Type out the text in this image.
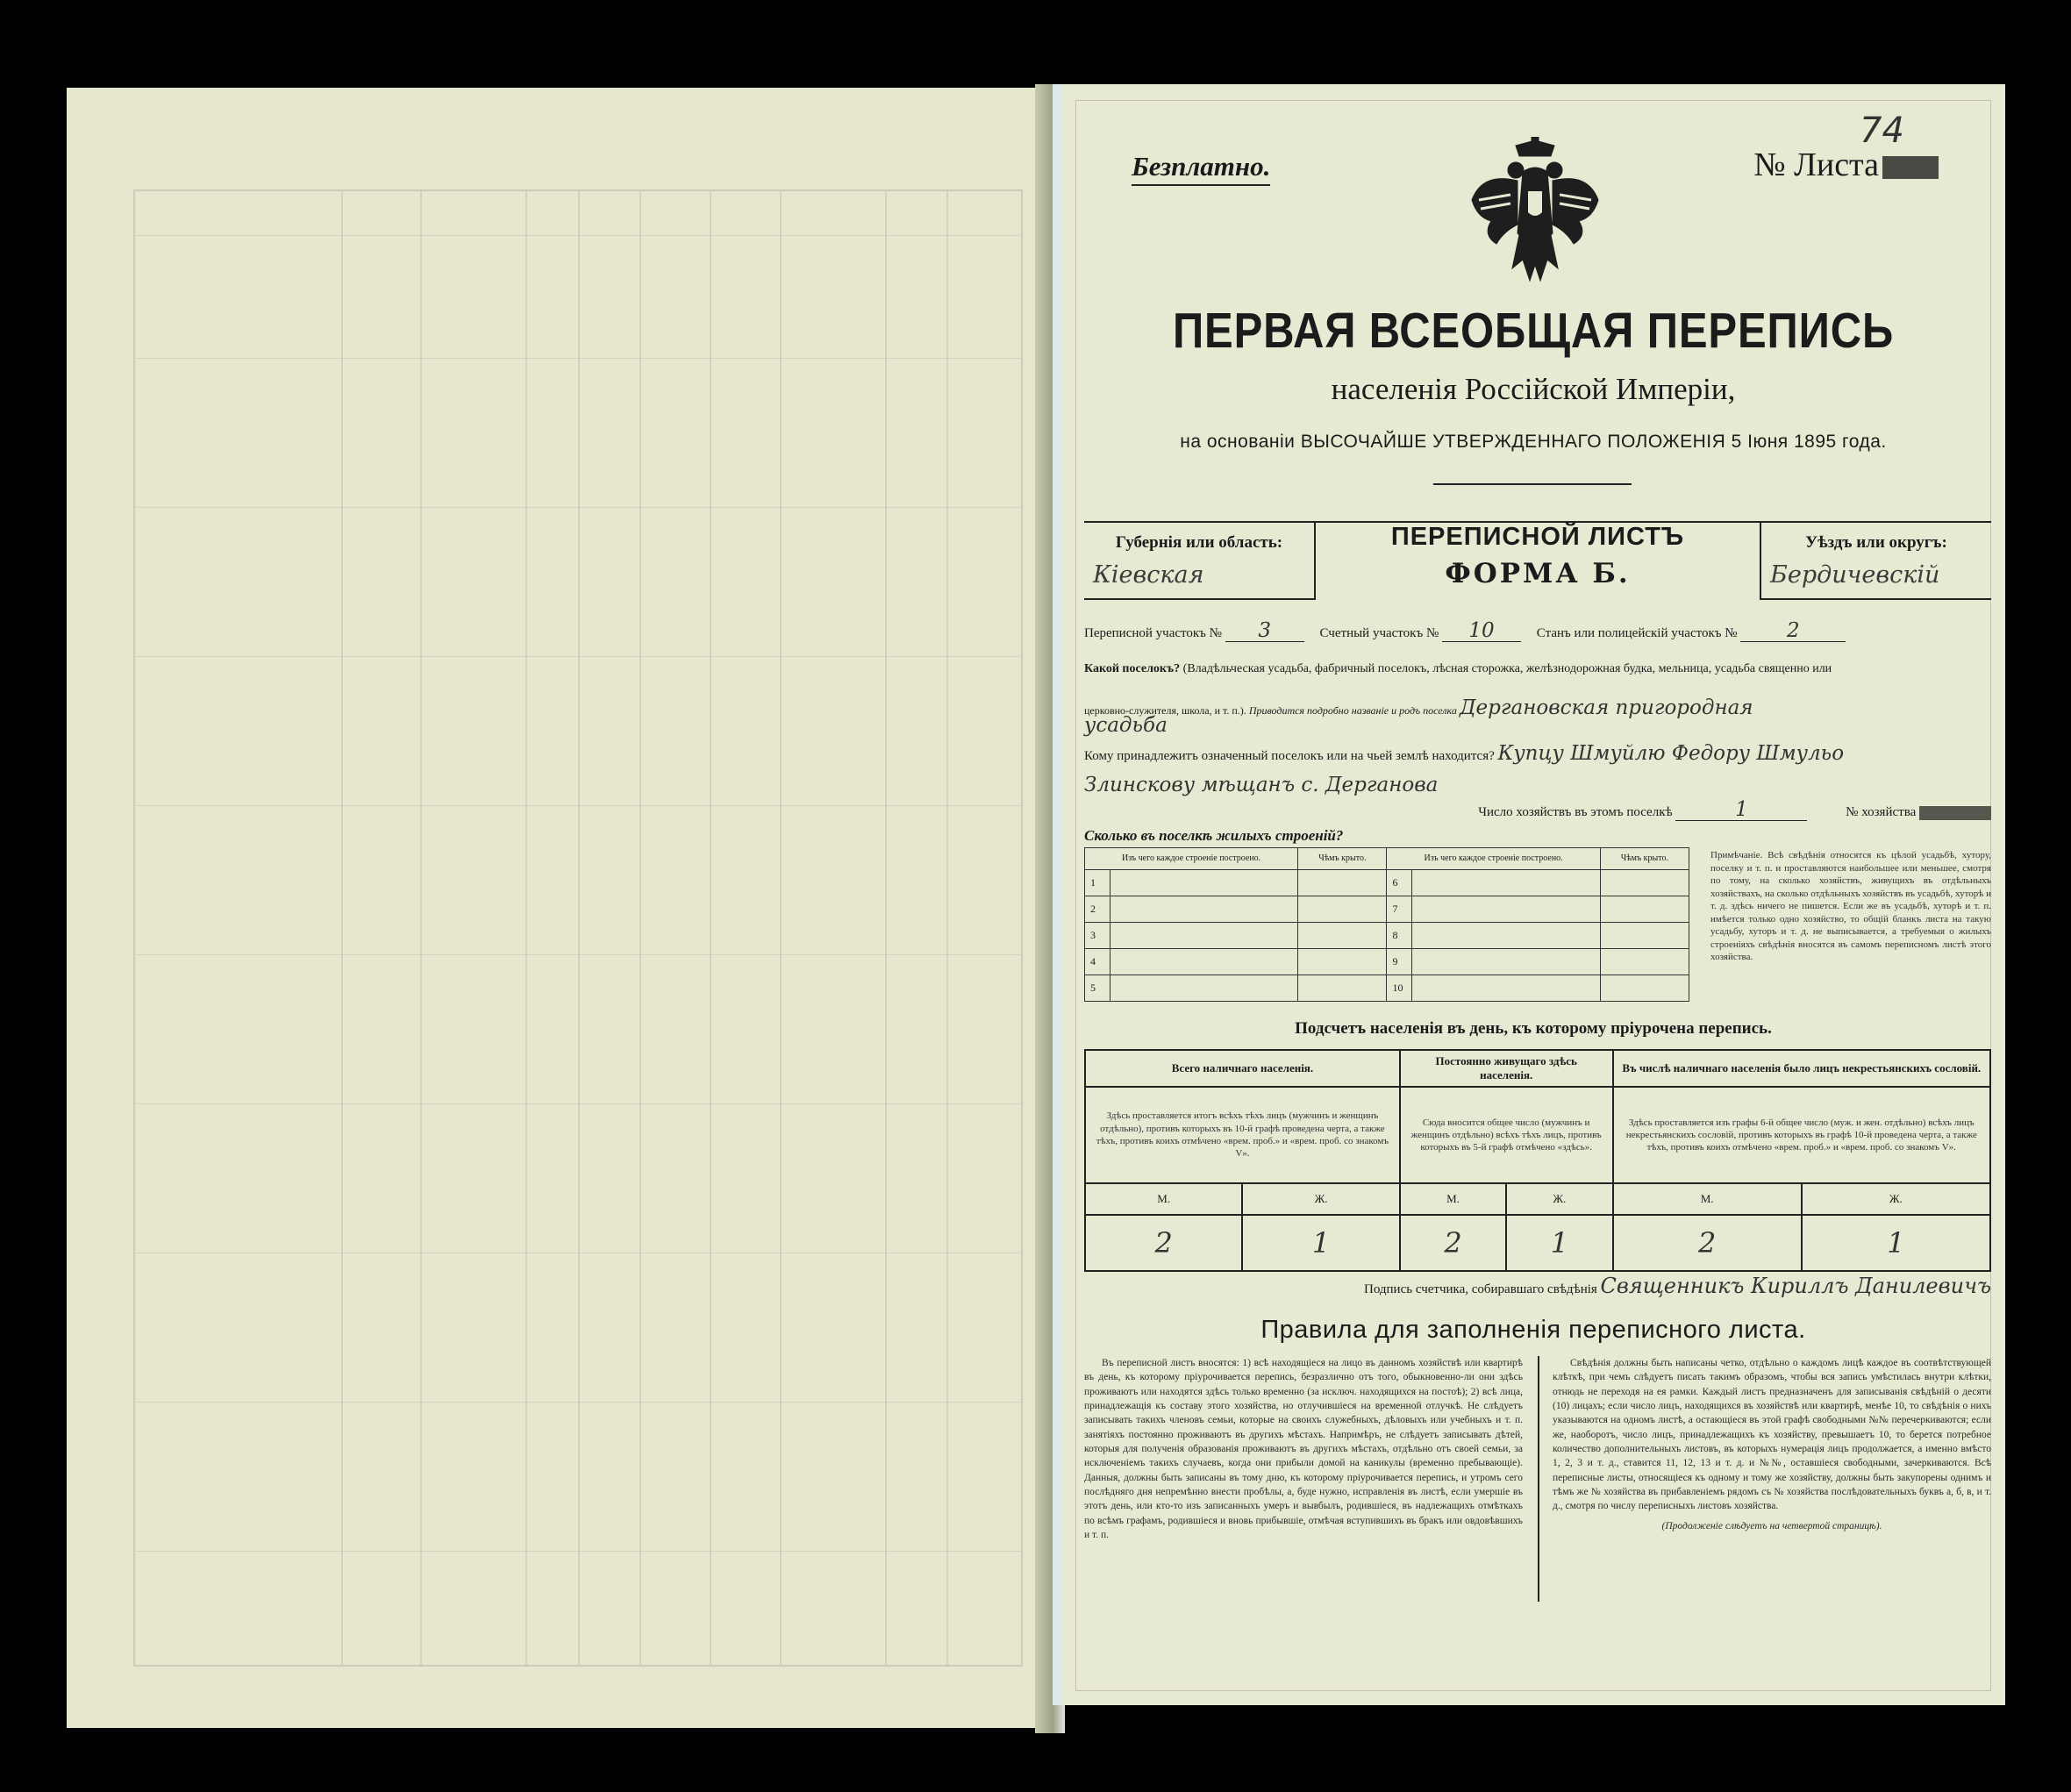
Безплатно.	№ Листа
74
ПЕРВАЯ ВСЕОБЩАЯ ПЕРЕПИСЬ
населенія Россійской Имперіи,
на основаніи ВЫСОЧАЙШЕ УТВЕРЖДЕННАГО ПОЛОЖЕНІЯ 5 Іюня 1895 года.
Губернія или область:
Кіевская
ПЕРЕПИСНОЙ ЛИСТЪ
ФОРМА Б.
Уѣздъ или округъ:
Бердичевскій
Переписной участокъ № 3	Счетный участокъ № 10	Станъ или полицейскій участокъ № 2
Какой поселокъ? (Владѣльческая усадьба, фабричный поселокъ, лѣсная сторожка, желѣзнодорожная будка, мельница, усадьба священно или
церковно-служителя, школа, и т. п.). Приводится подробно названіе и родъ поселка Дергановская пригородная
усадьба
Кому принадлежитъ означенный поселокъ или на чьей землѣ находится? Купцу Шмуйлю Федору Шмульо
Злинскову мѣщанъ с. Дерганова
Число хозяйствъ въ этомъ поселкѣ	1	№ хозяйства
Сколько въ поселкѣ жилыхъ строеній?
Изъ чего каждое строеніе построено.		Чѣмъ крыто.	Изъ чего каждое строеніе построено.		Чѣмъ крыто.
1			6		
2			7		
3			8		
4			9		
5			10		
Примѣчаніе. Всѣ свѣдѣнія относятся къ цѣлой усадьбѣ, хутору, поселку и т. п. и проставляются наибольшее или меньшее, смотря по тому, на сколько хозяйствъ, живущихъ въ отдѣльныхъ хозяйствахъ, на сколько отдѣльныхъ хозяйствъ въ усадьбѣ, хуторѣ и т. д. здѣсь ничего не пишется. Если же въ усадьбѣ, хуторѣ и т. п. имѣется только одно хозяйство, то общій бланкъ листа на такую усадьбу, хуторъ и т. д. не выписывается, а требуемыя о жилыхъ строеніяхъ свѣдѣнія вносятся въ самомъ переписномъ листѣ этого хозяйства.
Подсчетъ населенія въ день, къ которому пріурочена перепись.
Всего наличнаго населенія.		Постоянно живущаго здѣсь населенія.		Въ числѣ наличнаго населенія было лицъ некрестьянскихъ сословій.	
Здѣсь проставляется итогъ всѣхъ тѣхъ лицъ (мужчинъ и женщинъ отдѣльно), противъ которыхъ въ 10-й графѣ проведена черта, а также тѣхъ, противъ коихъ отмѣчено «врем. проб.» и «врем. проб. со знакомъ V».		Сюда вносится общее число (мужчинъ и женщинъ отдѣльно) всѣхъ тѣхъ лицъ, противъ которыхъ въ 5-й графѣ отмѣчено «здѣсь».		Здѣсь проставляется изъ графы 6-й общее число (муж. и жен. отдѣльно) всѣхъ лицъ некрестьянскихъ сословій, противъ которыхъ въ графѣ 10-й проведена черта, а также тѣхъ, противъ коихъ отмѣчено «врем. проб.» и «врем. проб. со знакомъ V».	
М.	Ж.	М.	Ж.	М.	Ж.
2	1	2	1	2	1
Подпись счетчика, собиравшаго свѣдѣнія Священникъ Кириллъ Данилевичъ
Правила для заполненія переписного листа.
Въ переписной листъ вносятся: 1) всѣ находящіеся на лицо въ данномъ хозяйствѣ или квартирѣ въ день, къ которому пріурочивается перепись, безразлично отъ того, обыкновенно-ли они здѣсь проживаютъ или находятся здѣсь только временно (за исключ. находящихся на постоѣ); 2) всѣ лица, принадлежащія къ составу этого хозяйства, но отлучившіеся на временной отлучкѣ. Не слѣдуетъ записывать такихъ членовъ семьи, которые на своихъ служебныхъ, дѣловыхъ или учебныхъ и т. п. занятіяхъ постоянно проживаютъ въ другихъ мѣстахъ. Напримѣръ, не слѣдуетъ записывать дѣтей, которыя для полученія образованія проживаютъ въ другихъ мѣстахъ, отдѣльно отъ своей семьи, за исключеніемъ такихъ случаевъ, когда они прибыли домой на каникулы (временно пребывающіе). Данныя, должны быть записаны въ тому дню, къ которому пріурочивается перепись, и утромъ сего послѣдняго дня непремѣнно внести пробѣлы, а, буде нужно, исправленія въ листѣ, если умершіе въ этотъ день, или кто-то изъ записанныхъ умеръ и вывбылъ, родившіеся, въ надлежащихъ отмѣткахъ по всѣмъ графамъ, родившіеся и вновь прибывшіе, отмѣчая вступившихъ въ бракъ или овдовѣвшихъ и т. п.
Свѣдѣнія должны быть написаны четко, отдѣльно о каждомъ лицѣ каждое въ соотвѣтствующей клѣткѣ, при чемъ слѣдуетъ писать такимъ образомъ, чтобы вся запись умѣстилась внутри клѣтки, отнюдь не переходя на ея рамки. Каждый листъ предназначенъ для записыванія свѣдѣній о десяти (10) лицахъ; если число лицъ, находящихся въ хозяйствѣ или квартирѣ, менѣе 10, то свѣдѣнія о нихъ указываются на одномъ листѣ, а остающіеся въ этой графѣ свободными №№ перечеркиваются; если же, наоборотъ, число лицъ, принадлежащихъ къ хозяйству, превышаетъ 10, то берется потребное количество дополнительныхъ листовъ, въ которыхъ нумерація лицъ продолжается, а именно вмѣсто 1, 2, 3 и т. д., ставится 11, 12, 13 и т. д. и №№, оставшіеся свободными, зачеркиваются. Всѣ переписные листы, относящіеся къ одному и тому же хозяйству, должны быть закупорены однимъ и тѣмъ же № хозяйства въ прибавленіемъ рядомъ съ № хозяйства послѣдовательныхъ буквъ а, б, в, и т. д., смотря по числу переписныхъ листовъ хозяйства.
(Продолженіе слѣдуетъ на четвертой страницѣ).
